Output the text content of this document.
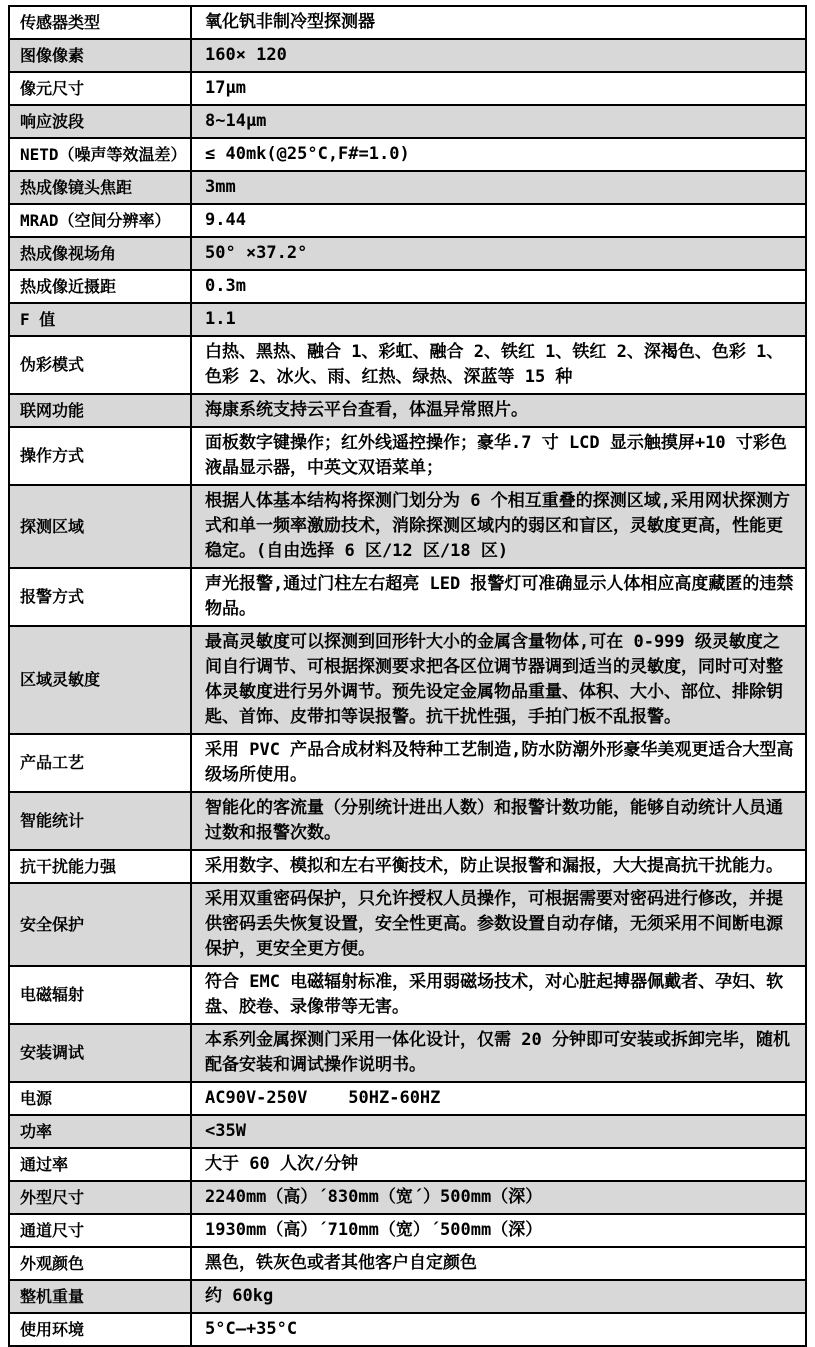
传感器类型	氧化钒非制冷型探测器
图像像素	160× 120
像元尺寸	17μm
响应波段	8~14μm
NETD（噪声等效温差）	≤ 40mk(@25°C,F#=1.0)
热成像镜头焦距	3mm
MRAD（空间分辨率）	9.44
热成像视场角	50° ×37.2°
热成像近摄距	0.3m
F 值	1.1
伪彩模式	白热、黑热、融合 1、彩虹、融合 2、铁红 1、铁红 2、深褐色、色彩 1、色彩 2、冰火、雨、红热、绿热、深蓝等 15 种
联网功能	海康系统支持云平台查看，体温异常照片。
操作方式	面板数字键操作；红外线遥控操作；豪华.7 寸 LCD 显示触摸屏+10 寸彩色液晶显示器，中英文双语菜单；
探测区域	根据人体基本结构将探测门划分为 6 个相互重叠的探测区域,采用网状探测方式和单一频率激励技术，消除探测区域内的弱区和盲区，灵敏度更高，性能更稳定。(自由选择 6 区/12 区/18 区)
报警方式	声光报警,通过门柱左右超亮 LED 报警灯可准确显示人体相应高度藏匿的违禁物品。
区域灵敏度	最高灵敏度可以探测到回形针大小的金属含量物体,可在 0-999 级灵敏度之间自行调节、可根据探测要求把各区位调节器调到适当的灵敏度，同时可对整体灵敏度进行另外调节。预先设定金属物品重量、体积、大小、部位、排除钥匙、首饰、皮带扣等误报警。抗干扰性强，手拍门板不乱报警。
产品工艺	采用 PVC 产品合成材料及特种工艺制造,防水防潮外形豪华美观更适合大型高级场所使用。
智能统计	智能化的客流量（分别统计进出人数）和报警计数功能，能够自动统计人员通过数和报警次数。
抗干扰能力强	采用数字、模拟和左右平衡技术，防止误报警和漏报，大大提高抗干扰能力。
安全保护	采用双重密码保护，只允许授权人员操作，可根据需要对密码进行修改，并提供密码丢失恢复设置，安全性更高。参数设置自动存储，无须采用不间断电源保护，更安全更方便。
电磁辐射	符合 EMC 电磁辐射标准，采用弱磁场技术，对心脏起搏器佩戴者、孕妇、软盘、胶卷、录像带等无害。
安装调试	本系列金属探测门采用一体化设计，仅需 20 分钟即可安装或拆卸完毕，随机配备安装和调试操作说明书。
电源	AC90V-250V    50HZ-60HZ
功率	<35W
通过率	大于 60 人次/分钟
外型尺寸	2240mm（高）´830mm（宽´）500mm（深）
通道尺寸	1930mm（高）´710mm（宽）´500mm（深）
外观颜色	黑色，铁灰色或者其他客户自定颜色
整机重量	约 60kg
使用环境	5°C—+35°C
